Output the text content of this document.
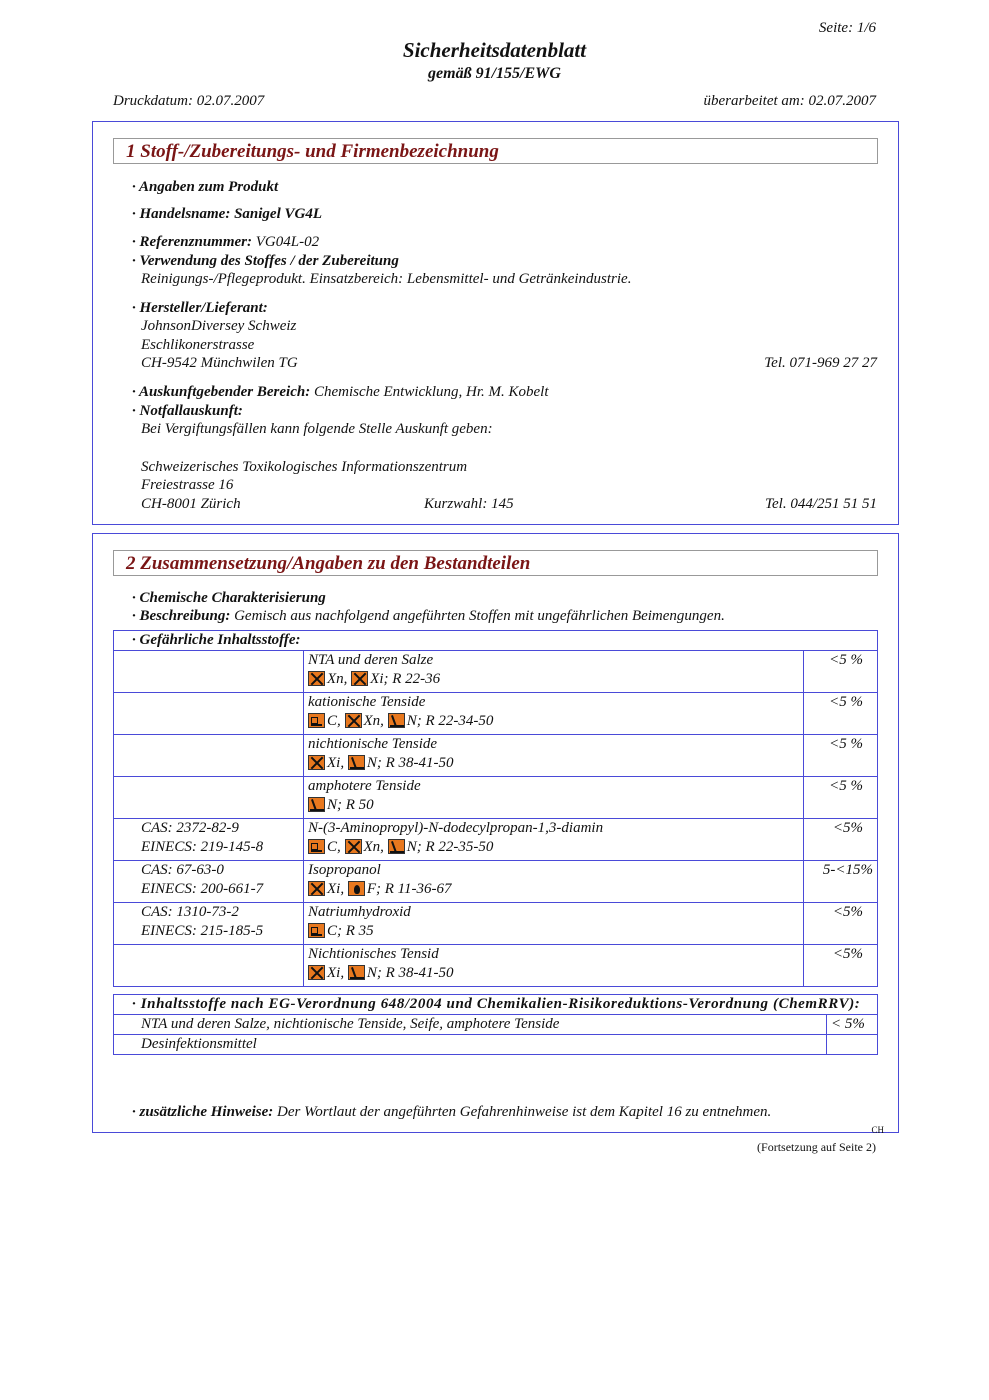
Seite: 1/6
Sicherheitsdatenblatt
gemäß 91/155/EWG
Druckdatum: 02.07.2007	überarbeitet am: 02.07.2007
1 Stoff-/Zubereitungs- und Firmenbezeichnung
· Angaben zum Produkt
· Handelsname: Sanigel VG4L
· Referenznummer: VG04L-02
· Verwendung des Stoffes / der Zubereitung
Reinigungs-/Pflegeprodukt. Einsatzbereich: Lebensmittel- und Getränkeindustrie.
· Hersteller/Lieferant:
JohnsonDiversey Schweiz
Eschlikonerstrasse
CH-9542 Münchwilen TG	Tel. 071-969 27 27
· Auskunftgebender Bereich: Chemische Entwicklung, Hr. M. Kobelt
· Notfallauskunft:
Bei Vergiftungsfällen kann folgende Stelle Auskunft geben:
Schweizerisches Toxikologisches Informationszentrum
Freiestrasse 16
CH-8001 Zürich	Kurzwahl: 145	Tel. 044/251 51 51
2 Zusammensetzung/Angaben zu den Bestandteilen
· Chemische Charakterisierung
· Beschreibung: Gemisch aus nachfolgend angeführten Stoffen mit ungefährlichen Beimengungen.
· Gefährliche Inhaltsstoffe:		

	NTA und deren Salze
Xn, Xi; R 22-36	<5 %

	kationische Tenside
C, Xn, N; R 22-34-50	<5 %

	nichtionische Tenside
Xi, N; R 38-41-50	<5 %

	amphotere Tenside
N; R 50	<5 %
CAS: 2372-82-9
EINECS: 219-145-8	N-(3-Aminopropyl)-N-dodecylpropan-1,3-diamin
C, Xn, N; R 22-35-50	<5%
CAS: 67-63-0
EINECS: 200-661-7	Isopropanol
Xi, F; R 11-36-67	5-<15%
CAS: 1310-73-2
EINECS: 215-185-5	Natriumhydroxid
C; R 35	<5%

	Nichtionisches Tensid
Xi, N; R 38-41-50	<5%
· Inhaltsstoffe nach EG-Verordnung 648/2004 und Chemikalien-Risikoreduktions-Verordnung (ChemRRV):	
NTA und deren Salze, nichtionische Tenside, Seife, amphotere Tenside	< 5%
Desinfektionsmittel	
· zusätzliche Hinweise: Der Wortlaut der angeführten Gefahrenhinweise ist dem Kapitel 16 zu entnehmen.
CH
(Fortsetzung auf Seite 2)
